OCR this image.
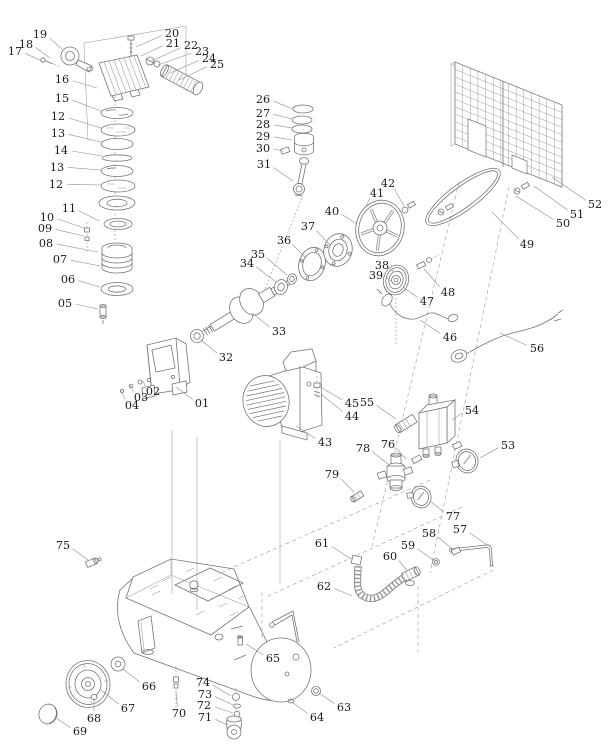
19
18
17
16
15
12
13
14
13
12
20
21 22
23
24
25
26
27
28
29
30
31
11
10
09
08
07
06
05
04
03
02
01
32
33
34
35
36
37
40
41
42
38
39
49
50
51
52
47
48
46
56
45 55
44	54
43 78 76
79
53
77
57
58
59
60
61
62
75
66
67
68
69
70
74
73
72
71
65
63
64
